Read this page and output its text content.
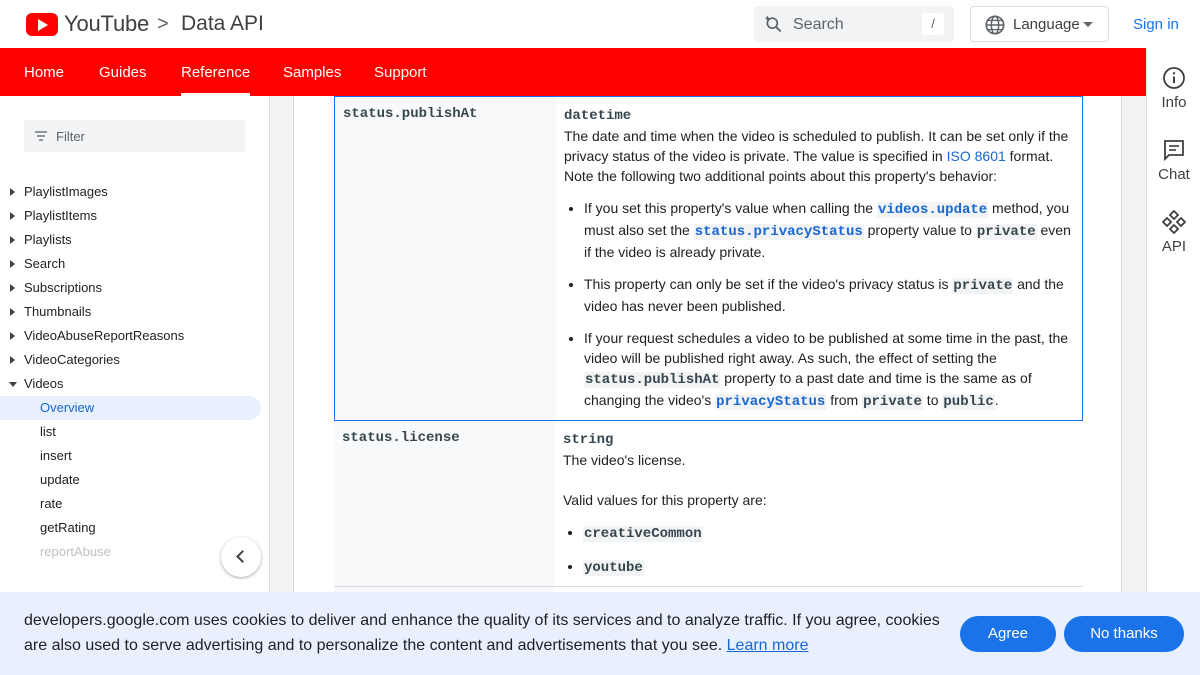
YouTube > Data API	Search	/	Language	Sign in
Home Guides Reference Samples Support
Info
Chat
API
Filter
PlaylistImages
PlaylistItems
Playlists
Search
Subscriptions
Thumbnails
VideoAbuseReportReasons
VideoCategories
Videos
Overview
list
insert
update
rate
getRating
reportAbuse
status.publishAt	datetime
The date and time when the video is scheduled to publish. It can be set only if the privacy status of the video is private. The value is specified in ISO 8601 format.
Note the following two additional points about this property's behavior:
• If you set this property's value when calling the videos.update method, you must also set the status.privacyStatus property value to private even if the video is already private.
• This property can only be set if the video's privacy status is private and the video has never been published.
• If your request schedules a video to be published at some time in the past, the video will be published right away. As such, the effect of setting the status.publishAt property to a past date and time is the same as of changing the video's privacyStatus from private to public.
status.license	string
The video's license.
Valid values for this property are:
• creativeCommon
• youtube
developers.google.com uses cookies to deliver and enhance the quality of its services and to analyze traffic. If you agree, cookies are also used to serve advertising and to personalize the content and advertisements that you see. Learn more
Agree	No thanks
